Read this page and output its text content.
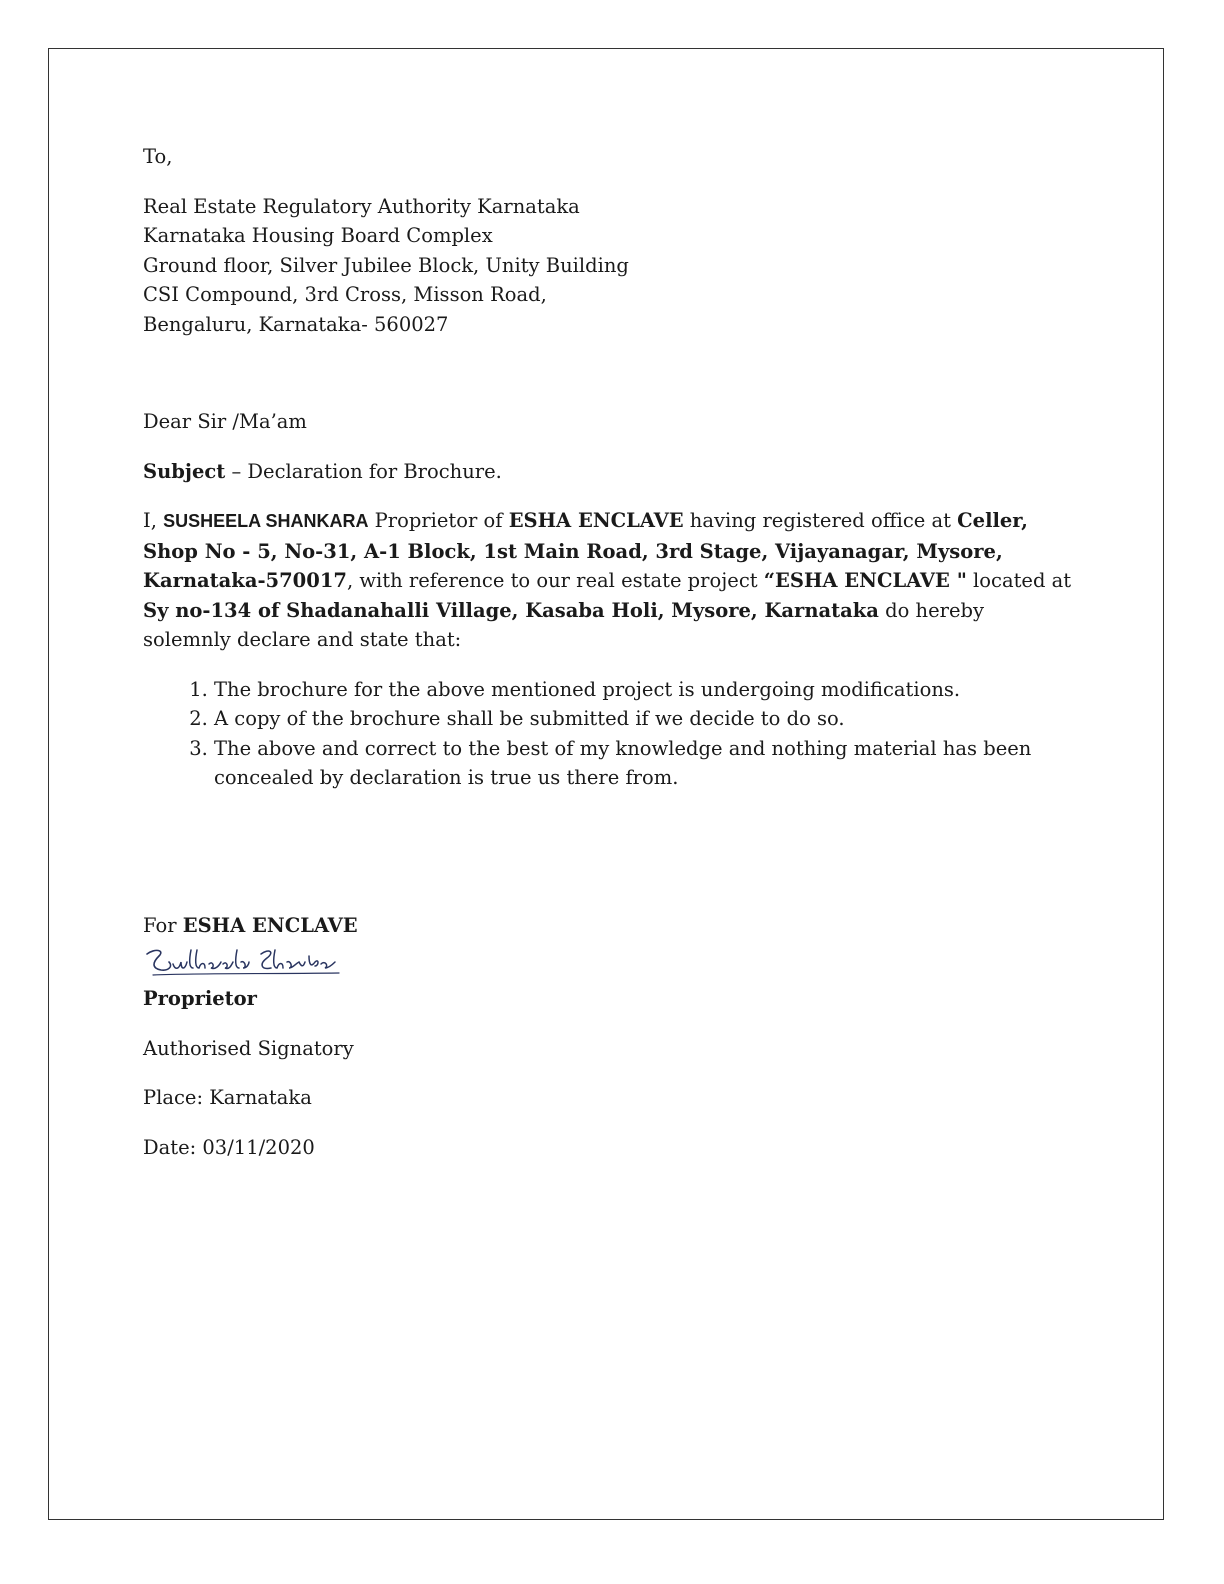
To,

Real Estate Regulatory Authority Karnataka
Karnataka Housing Board Complex
Ground floor, Silver Jubilee Block, Unity Building
CSI Compound, 3rd Cross, Misson Road,
Bengaluru, Karnataka- 560027

Dear Sir /Ma’am

Subject – Declaration for Brochure.

I, SUSHEELA SHANKARA Proprietor of ESHA ENCLAVE having registered office at Celler, Shop No - 5, No-31, A-1 Block, 1st Main Road, 3rd Stage, Vijayanagar, Mysore, Karnataka-570017, with reference to our real estate project “ESHA ENCLAVE " located at Sy no-134 of Shadanahalli Village, Kasaba Holi, Mysore, Karnataka do hereby solemnly declare and state that:

1. The brochure for the above mentioned project is undergoing modifications.
2. A copy of the brochure shall be submitted if we decide to do so.
3. The above and correct to the best of my knowledge and nothing material has been concealed by declaration is true us there from.

For ESHA ENCLAVE

Proprietor

Authorised Signatory

Place: Karnataka

Date: 03/11/2020
